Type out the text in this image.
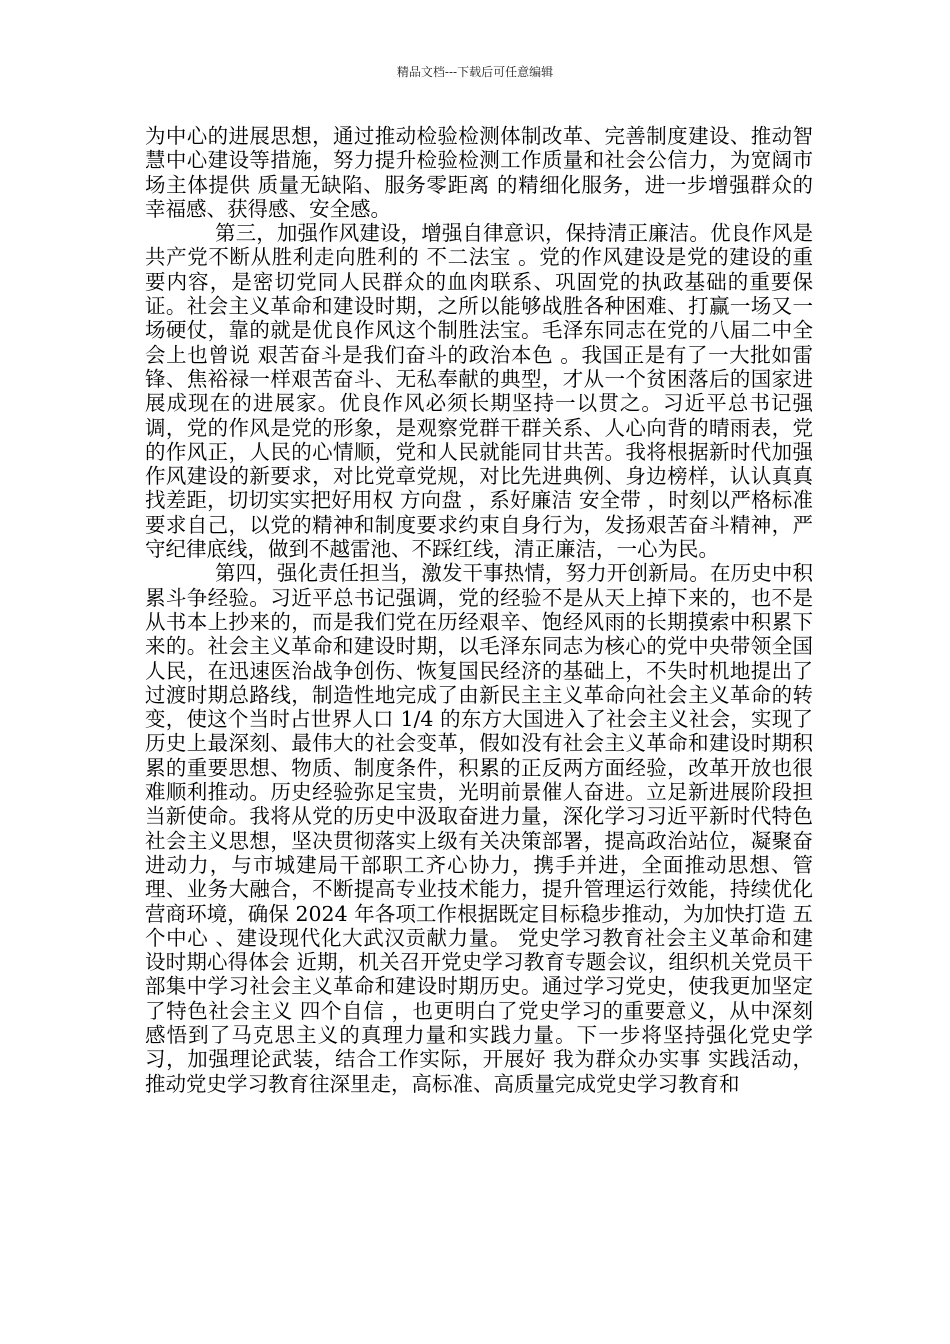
精品文档---下载后可任意编辑

为中心的进展思想，通过推动检验检测体制改革、完善制度建设、推动智慧中心建设等措施，努力提升检验检测工作质量和社会公信力，为宽阔市场主体提供 质量无缺陷、服务零距离 的精细化服务，进一步增强群众的幸福感、获得感、安全感。

第三，加强作风建设，增强自律意识，保持清正廉洁。优良作风是共产党不断从胜利走向胜利的 不二法宝 。党的作风建设是党的建设的重要内容，是密切党同人民群众的血肉联系、巩固党的执政基础的重要保证。社会主义革命和建设时期，之所以能够战胜各种困难、打赢一场又一场硬仗，靠的就是优良作风这个制胜法宝。毛泽东同志在党的八届二中全会上也曾说 艰苦奋斗是我们奋斗的政治本色 。我国正是有了一大批如雷锋、焦裕禄一样艰苦奋斗、无私奉献的典型，才从一个贫困落后的国家进展成现在的进展家。优良作风必须长期坚持一以贯之。习近平总书记强调，党的作风是党的形象，是观察党群干群关系、人心向背的晴雨表，党的作风正，人民的心情顺，党和人民就能同甘共苦。我将根据新时代加强作风建设的新要求，对比党章党规，对比先进典例、身边榜样，认认真真找差距，切切实实把好用权 方向盘 ，系好廉洁 安全带 ，时刻以严格标准要求自己，以党的精神和制度要求约束自身行为，发扬艰苦奋斗精神，严守纪律底线，做到不越雷池、不踩红线，清正廉洁，一心为民。

第四，强化责任担当，激发干事热情，努力开创新局。在历史中积累斗争经验。习近平总书记强调，党的经验不是从天上掉下来的，也不是从书本上抄来的，而是我们党在历经艰辛、饱经风雨的长期摸索中积累下来的。社会主义革命和建设时期，以毛泽东同志为核心的党中央带领全国人民，在迅速医治战争创伤、恢复国民经济的基础上，不失时机地提出了过渡时期总路线，制造性地完成了由新民主主义革命向社会主义革命的转变，使这个当时占世界人口 1/4 的东方大国进入了社会主义社会，实现了历史上最深刻、最伟大的社会变革，假如没有社会主义革命和建设时期积累的重要思想、物质、制度条件，积累的正反两方面经验，改革开放也很难顺利推动。历史经验弥足宝贵，光明前景催人奋进。立足新进展阶段担当新使命。我将从党的历史中汲取奋进力量，深化学习习近平新时代特色社会主义思想，坚决贯彻落实上级有关决策部署，提高政治站位，凝聚奋进动力，与市城建局干部职工齐心协力，携手并进，全面推动思想、管理、业务大融合，不断提高专业技术能力，提升管理运行效能，持续优化营商环境，确保 2024 年各项工作根据既定目标稳步推动，为加快打造 五个中心 、建设现代化大武汉贡献力量。 党史学习教育社会主义革命和建设时期心得体会 近期，机关召开党史学习教育专题会议，组织机关党员干部集中学习社会主义革命和建设时期历史。通过学习党史，使我更加坚定了特色社会主义 四个自信 ，也更明白了党史学习的重要意义，从中深刻感悟到了马克思主义的真理力量和实践力量。下一步将坚持强化党史学习，加强理论武装，结合工作实际，开展好 我为群众办实事 实践活动，推动党史学习教育往深里走，高标准、高质量完成党史学习教育和
